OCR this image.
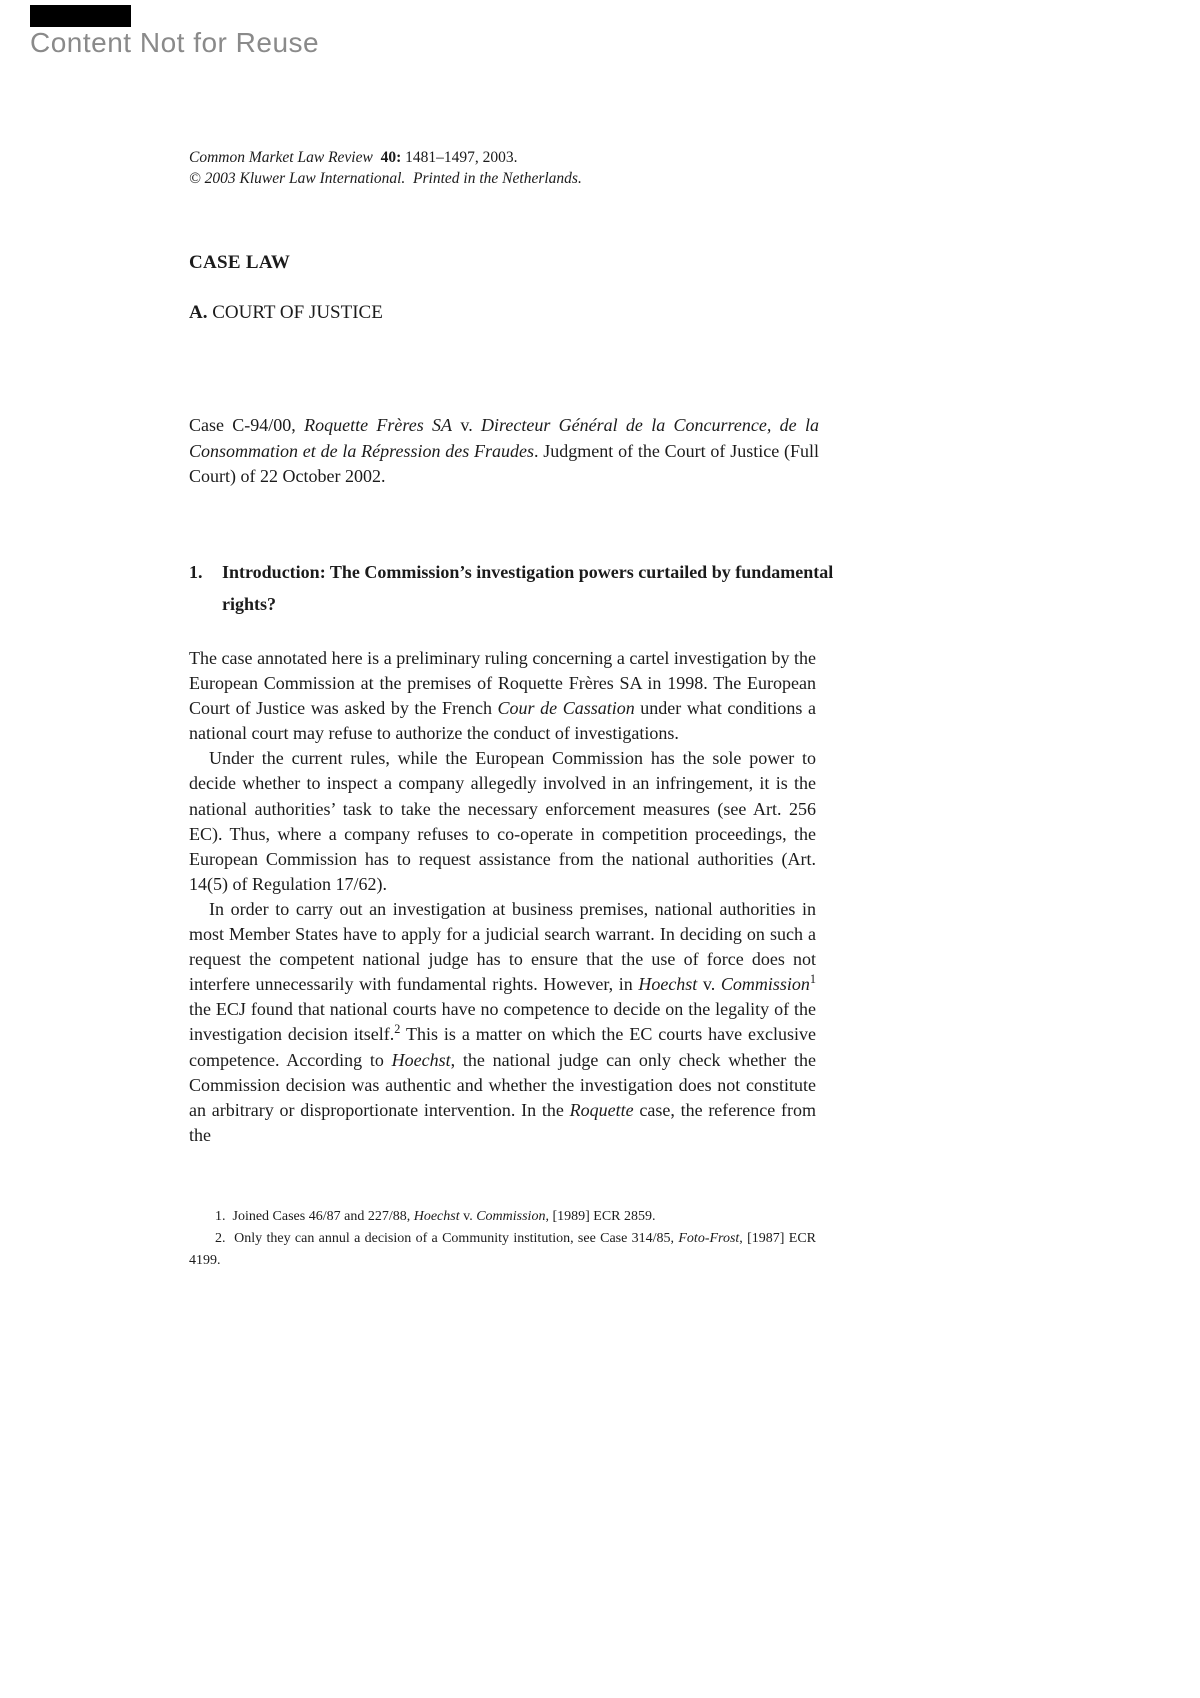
Content Not for Reuse
Common Market Law Review 40: 1481–1497, 2003.
© 2003 Kluwer Law International.  Printed in the Netherlands.
CASE LAW
A. COURT OF JUSTICE

Case C-94/00, Roquette Frères SA v. Directeur Général de la Concurrence, de la Consommation et de la Répression des Fraudes. Judgment of the Court of Justice (Full Court) of 22 October 2002.

1. Introduction: The Commission’s investigation powers curtailed by fundamental rights?

The case annotated here is a preliminary ruling concerning a cartel investigation by the European Commission at the premises of Roquette Frères SA in 1998. The European Court of Justice was asked by the French Cour de Cassation under what conditions a national court may refuse to authorize the conduct of investigations.

Under the current rules, while the European Commission has the sole power to decide whether to inspect a company allegedly involved in an infringement, it is the national authorities’ task to take the necessary enforcement measures (see Art. 256 EC). Thus, where a company refuses to co-operate in competition proceedings, the European Commission has to request assistance from the national authorities (Art. 14(5) of Regulation 17/62).

In order to carry out an investigation at business premises, national authorities in most Member States have to apply for a judicial search warrant. In deciding on such a request the competent national judge has to ensure that the use of force does not interfere unnecessarily with fundamental rights. However, in Hoechst v. Commission$^1$ the ECJ found that national courts have no competence to decide on the legality of the investigation decision itself.$^2$ This is a matter on which the EC courts have exclusive competence. According to Hoechst, the national judge can only check whether the Commission decision was authentic and whether the investigation does not constitute an arbitrary or disproportionate intervention. In the Roquette case, the reference from the

1.  Joined Cases 46/87 and 227/88, Hoechst v. Commission, [1989] ECR 2859.

2.  Only they can annul a decision of a Community institution, see Case 314/85, Foto-Frost, [1987] ECR 4199.
